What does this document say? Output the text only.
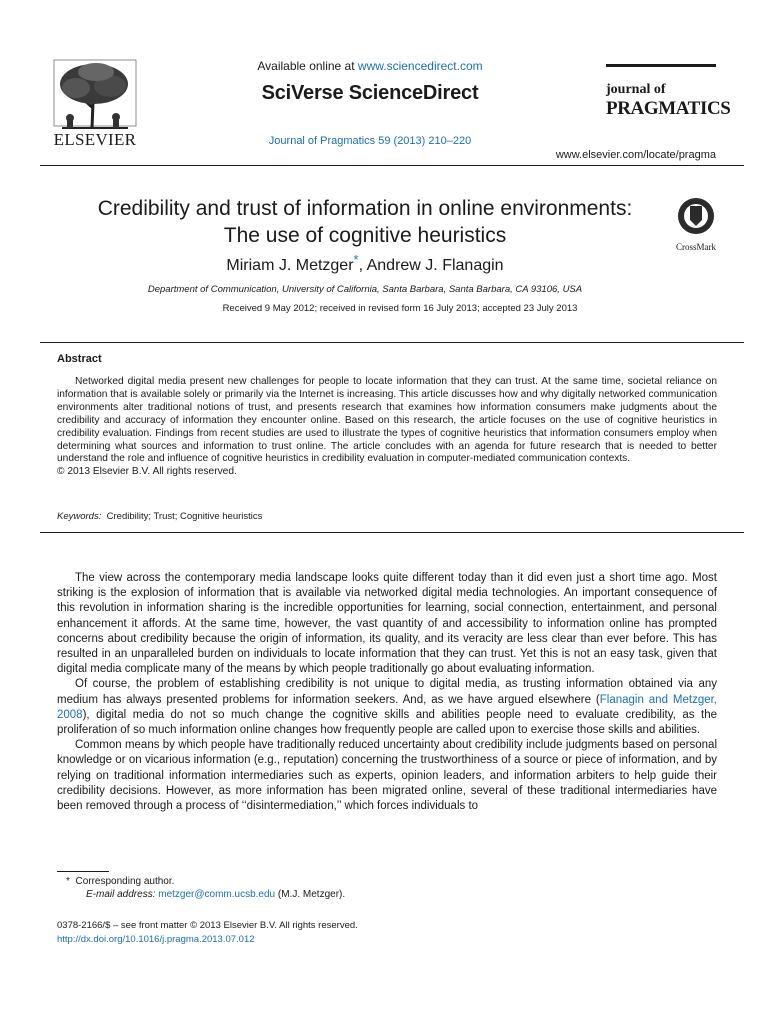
ELSEVIER
Available online at www.sciencedirect.com
SciVerse ScienceDirect
Journal of Pragmatics 59 (2013) 210–220
journal of
PRAGMATICS
www.elsevier.com/locate/pragma
Credibility and trust of information in online environments:
The use of cognitive heuristics	CrossMark
Miriam J. Metzger*, Andrew J. Flanagin
Department of Communication, University of California, Santa Barbara, Santa Barbara, CA 93106, USA
Received 9 May 2012; received in revised form 16 July 2013; accepted 23 July 2013
Abstract

Networked digital media present new challenges for people to locate information that they can trust. At the same time, societal reliance on information that is available solely or primarily via the Internet is increasing. This article discusses how and why digitally networked communication environments alter traditional notions of trust, and presents research that examines how information consumers make judgments about the credibility and accuracy of information they encounter online. Based on this research, the article focuses on the use of cognitive heuristics in credibility evaluation. Findings from recent studies are used to illustrate the types of cognitive heuristics that information consumers employ when determining what sources and information to trust online. The article concludes with an agenda for future research that is needed to better understand the role and influence of cognitive heuristics in credibility evaluation in computer-mediated communication contexts.

© 2013 Elsevier B.V. All rights reserved.

Keywords: Credibility; Trust; Cognitive heuristics

The view across the contemporary media landscape looks quite different today than it did even just a short time ago. Most striking is the explosion of information that is available via networked digital media technologies. An important consequence of this revolution in information sharing is the incredible opportunities for learning, social connection, entertainment, and personal enhancement it affords. At the same time, however, the vast quantity of and accessibility to information online has prompted concerns about credibility because the origin of information, its quality, and its veracity are less clear than ever before. This has resulted in an unparalleled burden on individuals to locate information that they can trust. Yet this is not an easy task, given that digital media complicate many of the means by which people traditionally go about evaluating information.

Of course, the problem of establishing credibility is not unique to digital media, as trusting information obtained via any medium has always presented problems for information seekers. And, as we have argued elsewhere (Flanagin and Metzger, 2008), digital media do not so much change the cognitive skills and abilities people need to evaluate credibility, as the proliferation of so much information online changes how frequently people are called upon to exercise those skills and abilities.

Common means by which people have traditionally reduced uncertainty about credibility include judgments based on personal knowledge or on vicarious information (e.g., reputation) concerning the trustworthiness of a source or piece of information, and by relying on traditional information intermediaries such as experts, opinion leaders, and information arbiters to help guide their credibility decisions. However, as more information has been migrated online, several of these traditional intermediaries have been removed through a process of ‘‘disintermediation,’’ which forces individuals to

* Corresponding author.
E-mail address: metzger@comm.ucsb.edu (M.J. Metzger).
0378-2166/$ – see front matter © 2013 Elsevier B.V. All rights reserved.
http://dx.doi.org/10.1016/j.pragma.2013.07.012
